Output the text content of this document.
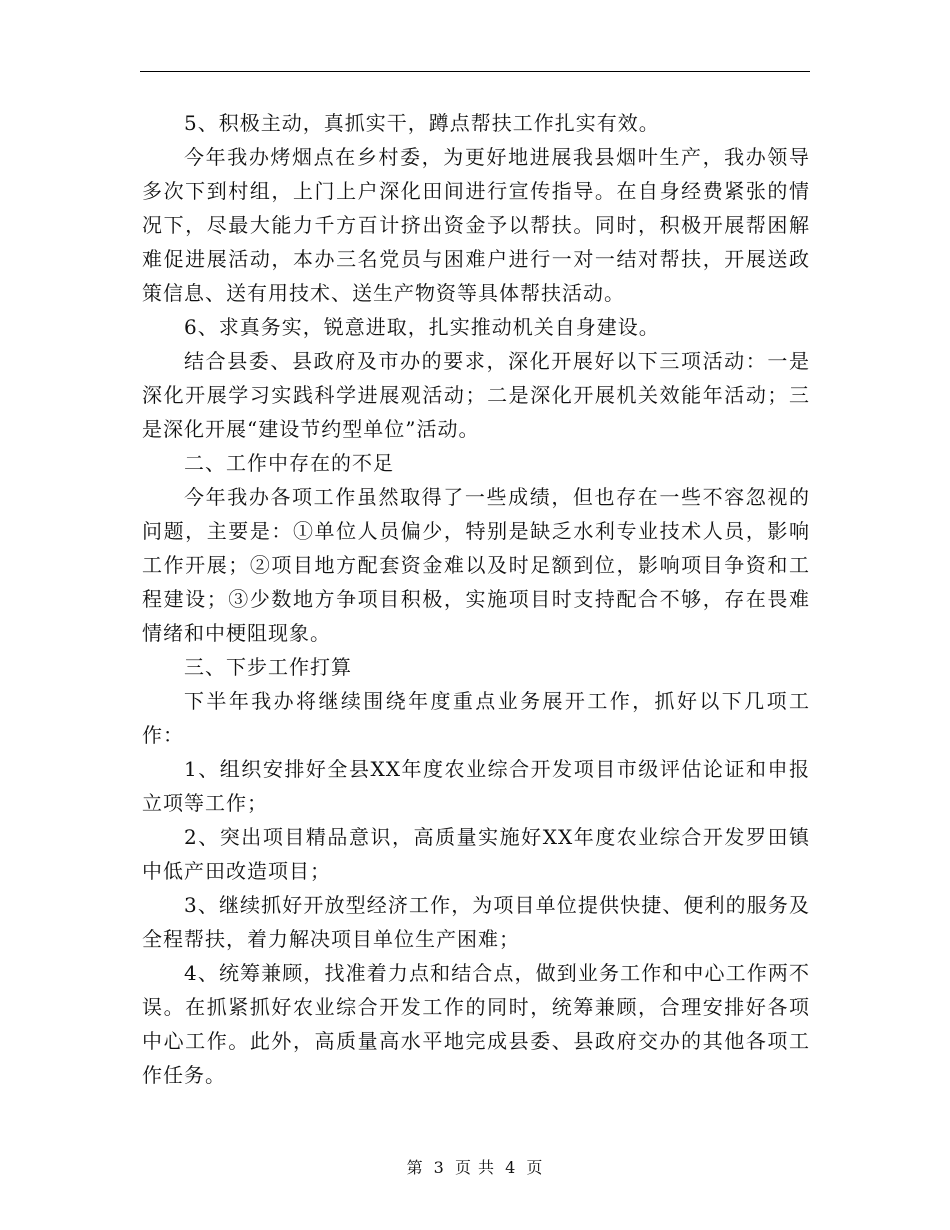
5、积极主动，真抓实干，蹲点帮扶工作扎实有效。

今年我办烤烟点在乡村委，为更好地进展我县烟叶生产，我办领导多次下到村组，上门上户深化田间进行宣传指导。在自身经费紧张的情况下，尽最大能力千方百计挤出资金予以帮扶。同时，积极开展帮困解难促进展活动，本办三名党员与困难户进行一对一结对帮扶，开展送政策信息、送有用技术、送生产物资等具体帮扶活动。

6、求真务实，锐意进取，扎实推动机关自身建设。

结合县委、县政府及市办的要求，深化开展好以下三项活动：一是深化开展学习实践科学进展观活动；二是深化开展机关效能年活动；三是深化开展“建设节约型单位”活动。

二、工作中存在的不足

今年我办各项工作虽然取得了一些成绩，但也存在一些不容忽视的问题，主要是：①单位人员偏少，特别是缺乏水利专业技术人员，影响工作开展；②项目地方配套资金难以及时足额到位，影响项目争资和工程建设；③少数地方争项目积极，实施项目时支持配合不够，存在畏难情绪和中梗阻现象。

三、下步工作打算

下半年我办将继续围绕年度重点业务展开工作，抓好以下几项工作：

1、组织安排好全县XX年度农业综合开发项目市级评估论证和申报立项等工作；

2、突出项目精品意识，高质量实施好XX年度农业综合开发罗田镇中低产田改造项目；

3、继续抓好开放型经济工作，为项目单位提供快捷、便利的服务及全程帮扶，着力解决项目单位生产困难；

4、统筹兼顾，找准着力点和结合点，做到业务工作和中心工作两不误。在抓紧抓好农业综合开发工作的同时，统筹兼顾，合理安排好各项中心工作。此外，高质量高水平地完成县委、县政府交办的其他各项工作任务。

第 3 页 共 4 页
